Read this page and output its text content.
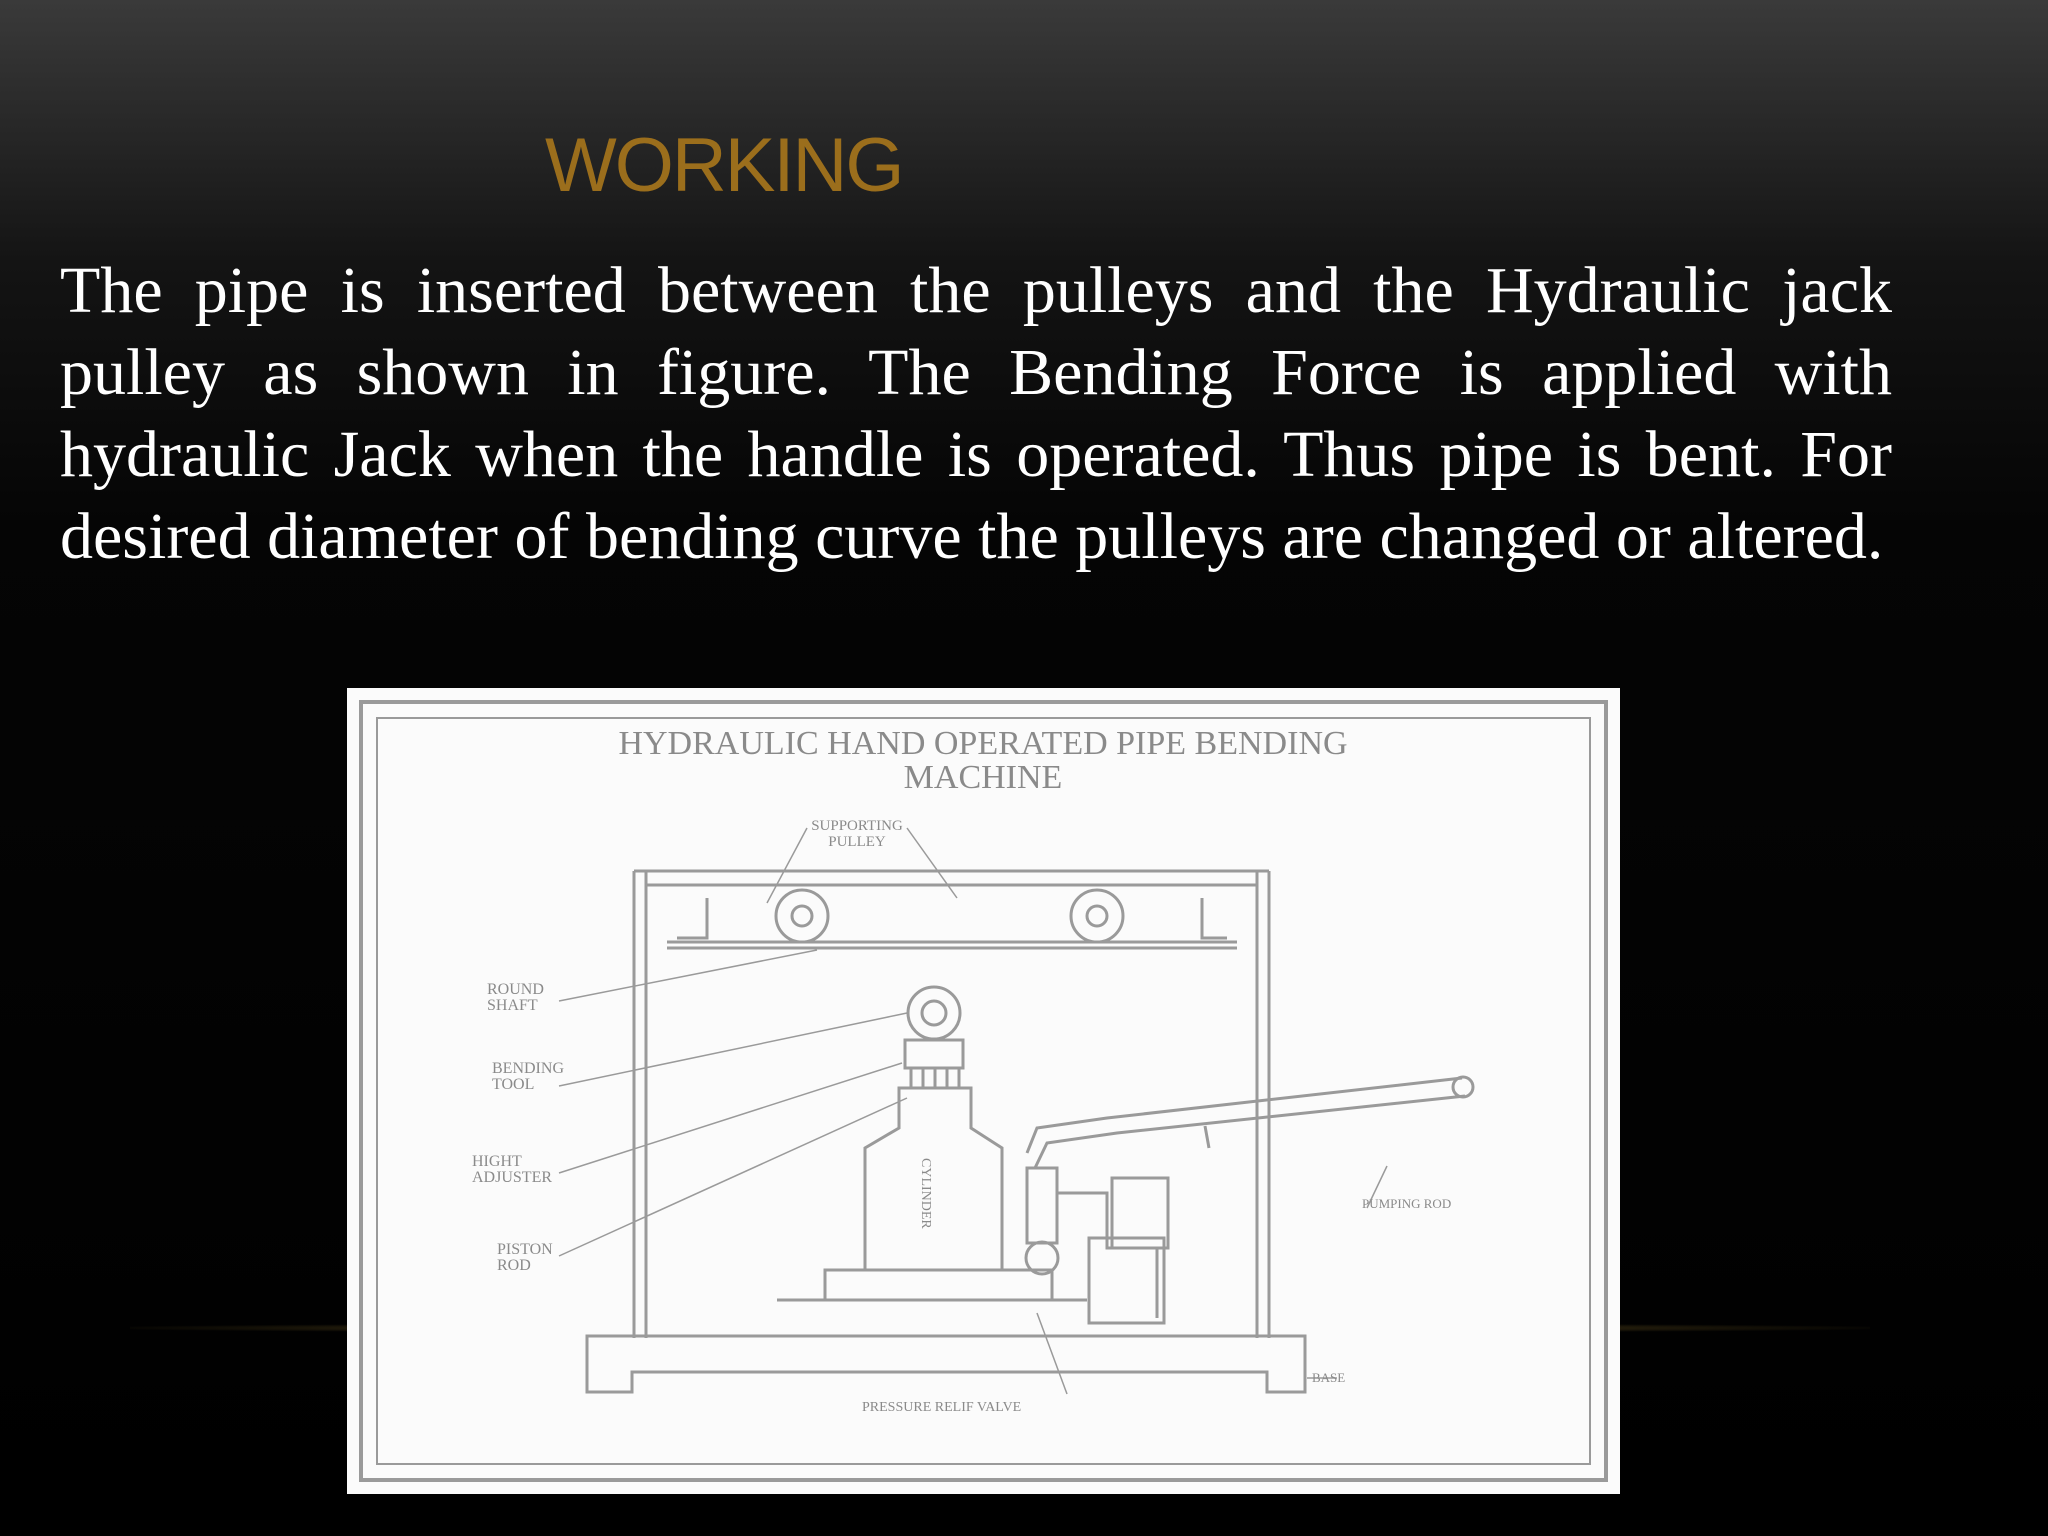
WORKING
The pipe is inserted between the pulleys and the Hydraulic jack pulley as shown in figure. The Bending Force is applied with hydraulic Jack when the handle is operated. Thus pipe is bent. For desired diameter of bending curve the pulleys are changed or altered.
HYDRAULIC HAND OPERATED PIPE BENDING
MACHINE
SUPPORTING
PULLEY
ROUND
SHAFT
BENDING
TOOL
HIGHT
ADJUSTER
PISTON
ROD
CYLINDER	PUMPING ROD
BASE
PRESSURE RELIF VALVE
